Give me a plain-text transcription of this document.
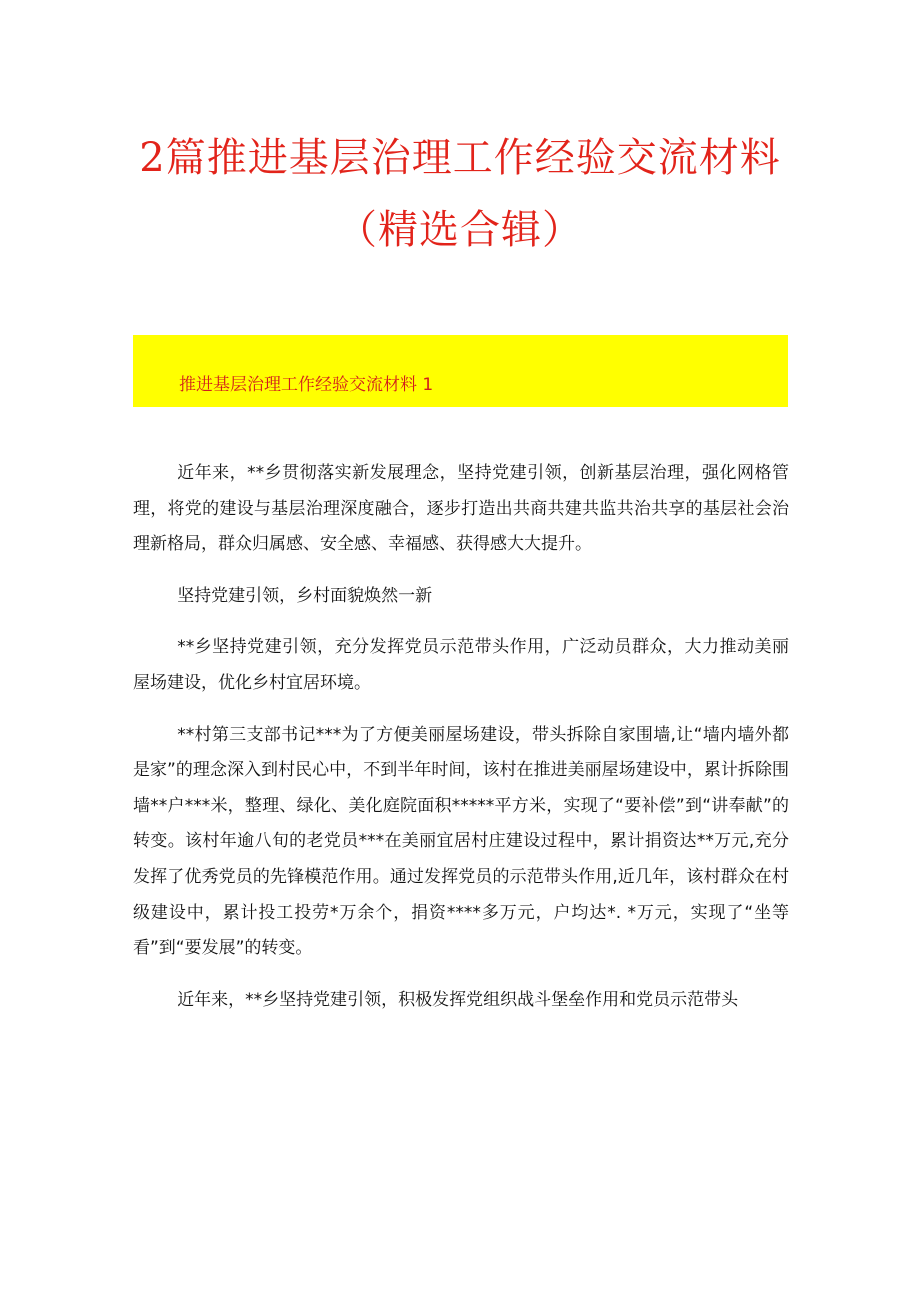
2篇推进基层治理工作经验交流材料
（精选合辑）
推进基层治理工作经验交流材料 1

近年来，**乡贯彻落实新发展理念，坚持党建引领，创新基层治理，强化网格管理，将党的建设与基层治理深度融合，逐步打造出共商共建共监共治共享的基层社会治理新格局，群众归属感、安全感、幸福感、获得感大大提升。

坚持党建引领，乡村面貌焕然一新

**乡坚持党建引领，充分发挥党员示范带头作用，广泛动员群众，大力推动美丽屋场建设，优化乡村宜居环境。

**村第三支部书记***为了方便美丽屋场建设，带头拆除自家围墙,让“墙内墙外都是家”的理念深入到村民心中，不到半年时间，该村在推进美丽屋场建设中，累计拆除围墙**户***米，整理、绿化、美化庭院面积*****平方米，实现了“要补偿”到“讲奉献”的转变。该村年逾八旬的老党员***在美丽宜居村庄建设过程中，累计捐资达**万元,充分发挥了优秀党员的先锋模范作用。通过发挥党员的示范带头作用,近几年，该村群众在村级建设中，累计投工投劳*万余个，捐资****多万元，户均达*. *万元，实现了“坐等看”到“要发展”的转变。

近年来，**乡坚持党建引领，积极发挥党组织战斗堡垒作用和党员示范带头
